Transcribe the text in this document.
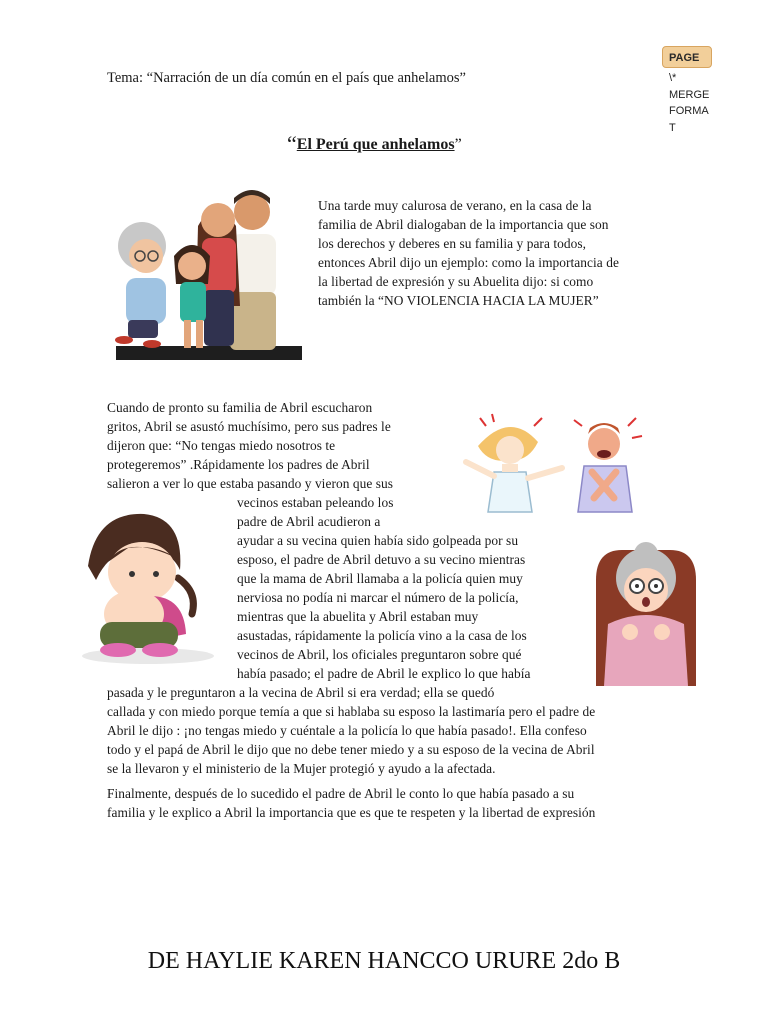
Tema: “Narración de un día común en el país que anhelamos”
PAGE
\*
MERGE
FORMA
T
“El Perú que anhelamos”
Una tarde muy calurosa de verano, en la casa de la
familia de Abril dialogaban de la importancia que son
los derechos y deberes en su familia y para todos,
entonces Abril dijo un ejemplo: como la importancia de
la libertad de expresión y su Abuelita dijo: si como
también la “NO VIOLENCIA HACIA LA MUJER”
Cuando de pronto su familia de Abril escucharon
gritos, Abril se asustó muchísimo, pero sus padres le
dijeron que: “No tengas miedo nosotros te
protegeremos” .Rápidamente los padres de Abril
salieron a ver lo que estaba pasando y vieron que sus
vecinos estaban peleando los
padre de Abril acudieron a
ayudar a su vecina quien había sido golpeada por su
esposo, el padre de Abril detuvo a su vecino mientras
que la mama de Abril llamaba a la policía quien muy
nerviosa no podía ni marcar el número de la policía,
mientras que la abuelita y Abril estaban muy
asustadas, rápidamente la policía vino a la casa de los
vecinos de Abril, los oficiales preguntaron sobre qué
había pasado; el padre de Abril le explico lo que había
pasada y le preguntaron a la vecina de Abril si era verdad; ella se quedó
callada y con miedo porque temía a que si hablaba su esposo la lastimaría pero el padre de
Abril le dijo : ¡no tengas miedo y cuéntale a la policía lo que había pasado!. Ella confeso
todo y el papá de Abril le dijo que no debe tener miedo y a su esposo de la vecina de Abril
se la llevaron y el ministerio de la Mujer protegió y ayudo a la afectada.
Finalmente, después de lo sucedido el padre de Abril le conto lo que había pasado a su
familia y le explico a Abril la importancia que es que te respeten y la libertad de expresión
DE HAYLIE KAREN HANCCO URURE 2do B
